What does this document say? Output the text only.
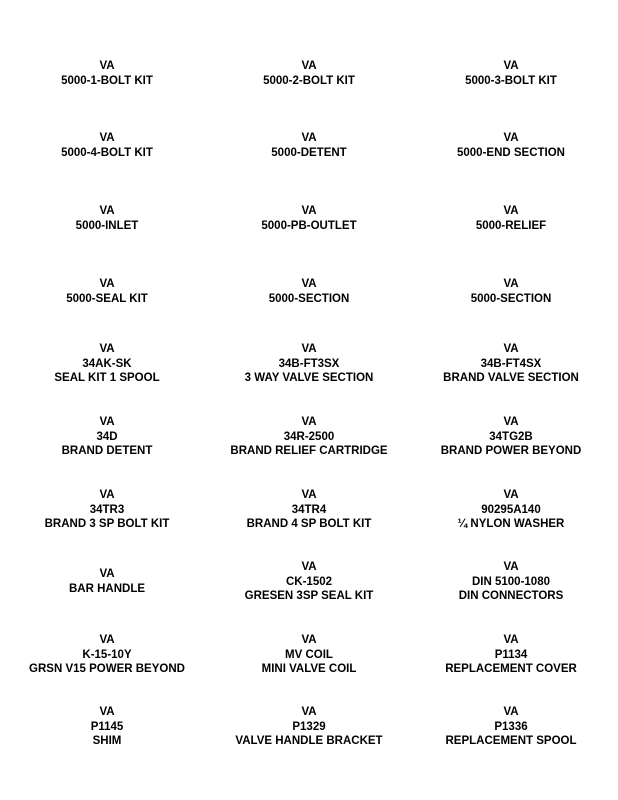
VA
5000-1-BOLT KIT
VA
5000-2-BOLT KIT
VA
5000-3-BOLT KIT
VA
5000-4-BOLT KIT
VA
5000-DETENT
VA
5000-END SECTION
VA
5000-INLET
VA
5000-PB-OUTLET
VA
5000-RELIEF
VA
5000-SEAL KIT
VA
5000-SECTION
VA
5000-SECTION
VA
34AK-SK
SEAL KIT 1 SPOOL
VA
34B-FT3SX
3 WAY VALVE SECTION
VA
34B-FT4SX
BRAND VALVE SECTION
VA
34D
BRAND DETENT
VA
34R-2500
BRAND RELIEF CARTRIDGE
VA
34TG2B
BRAND POWER BEYOND
VA
34TR3
BRAND 3 SP BOLT KIT
VA
34TR4
BRAND 4 SP BOLT KIT
VA
90295A140
¼ NYLON WASHER
VA
BAR HANDLE
VA
CK-1502
GRESEN 3SP SEAL KIT
VA
DIN 5100-1080
DIN CONNECTORS
VA
K-15-10Y
GRSN V15 POWER BEYOND
VA
MV COIL
MINI VALVE COIL
VA
P1134
REPLACEMENT COVER
VA
P1145
SHIM
VA
P1329
VALVE HANDLE BRACKET
VA
P1336
REPLACEMENT SPOOL
